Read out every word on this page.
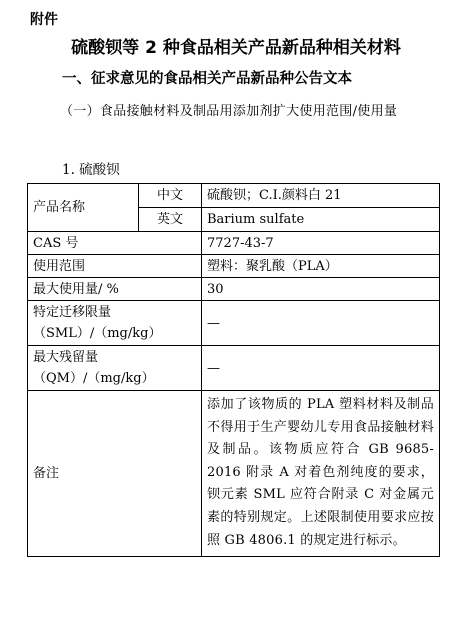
附件
硫酸钡等 2 种食品相关产品新品种相关材料
一、征求意见的食品相关产品新品种公告文本
（一）食品接触材料及制品用添加剂扩大使用范围/使用量
1. 硫酸钡
产品名称	中文	硫酸钡；C.I.颜料白 21
	英文	Barium sulfate
CAS 号		7727-43-7
使用范围		塑料：聚乳酸（PLA）
最大使用量/ %		30

特定迁移限量
（SML）/（mg/kg）		—

最大残留量
（QM）/（mg/kg）		—
备注		添加了该物质的 PLA 塑料材料及制品不得用于生产婴幼儿专用食品接触材料及制品。该物质应符合 GB 9685-2016 附录 A 对着色剂纯度的要求，钡元素 SML 应符合附录 C 对金属元素的特别规定。上述限制使用要求应按照 GB 4806.1 的规定进行标示。
